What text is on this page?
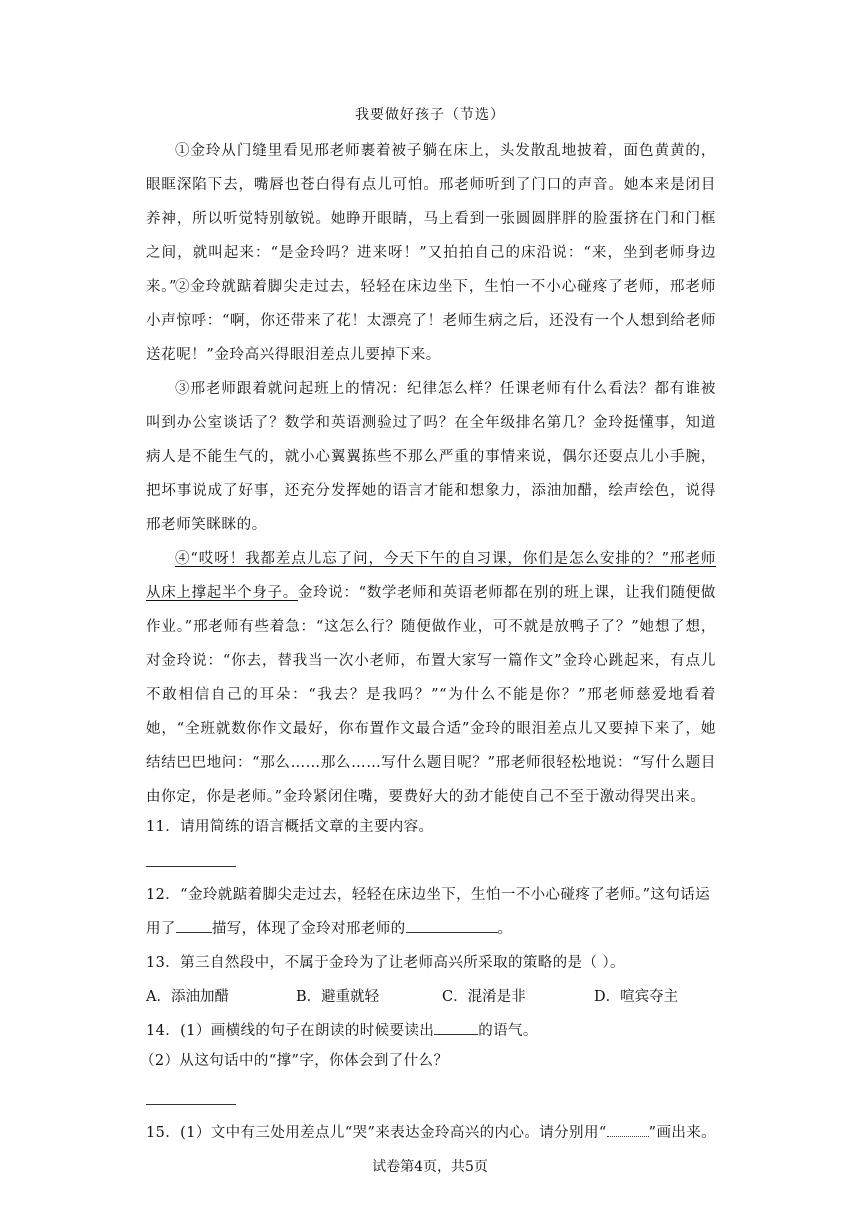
我要做好孩子（节选）

①金玲从门缝里看见邢老师裹着被子躺在床上，头发散乱地披着，面色黄黄的，眼眶深陷下去，嘴唇也苍白得有点儿可怕。邢老师听到了门口的声音。她本来是闭目养神，所以听觉特别敏锐。她睁开眼睛，马上看到一张圆圆胖胖的脸蛋挤在门和门框之间，就叫起来：“是金玲吗？进来呀！”又拍拍自己的床沿说：“来，坐到老师身边来。”

②金玲就踮着脚尖走过去，轻轻在床边坐下，生怕一不小心碰疼了老师，邢老师小声惊呼：“啊，你还带来了花！太漂亮了！老师生病之后，还没有一个人想到给老师送花呢！”金玲高兴得眼泪差点儿要掉下来。

③邢老师跟着就问起班上的情况：纪律怎么样？任课老师有什么看法？都有谁被叫到办公室谈话了？数学和英语测验过了吗？在全年级排名第几？金玲挺懂事，知道病人是不能生气的，就小心翼翼拣些不那么严重的事情来说，偶尔还耍点儿小手腕，把坏事说成了好事，还充分发挥她的语言才能和想象力，添油加醋，绘声绘色，说得邢老师笑眯眯的。

④“哎呀！我都差点儿忘了问，今天下午的自习课，你们是怎么安排的？”邢老师从床上撑起半个身子。金玲说：“数学老师和英语老师都在别的班上课，让我们随便做作业。”邢老师有些着急：“这怎么行？随便做作业，可不就是放鸭子了？”她想了想，对金玲说：“你去，替我当一次小老师，布置大家写一篇作文”金玲心跳起来，有点儿不敢相信自己的耳朵：“我去？是我吗？”“为什么不能是你？”邢老师慈爱地看着她，“全班就数你作文最好，你布置作文最合适”金玲的眼泪差点儿又要掉下来了，她结结巴巴地问：“那么……那么……写什么题目呢？”邢老师很轻松地说：“写什么题目由你定，你是老师。”金玲紧闭住嘴，要费好大的劲才能使自己不至于激动得哭出来。

11．请用简练的语言概括文章的主要内容。

12．“金玲就踮着脚尖走过去，轻轻在床边坐下，生怕一不小心碰疼了老师。”这句话运用了 描写，体现了金玲对邢老师的	。

13．第三自然段中，不属于金玲为了让老师高兴所采取的策略的是（ ）。

A．添油加醋	B．避重就轻	C．混淆是非	D．喧宾夺主

14．(1）画横线的句子在朗读的时候要读出	的语气。

（2）从这句话中的“撑”字，你体会到了什么？

15．(1）文中有三处用差点儿“哭”来表达金玲高兴的内心。请分别用“	”画出来。

试卷第4页，共5页
